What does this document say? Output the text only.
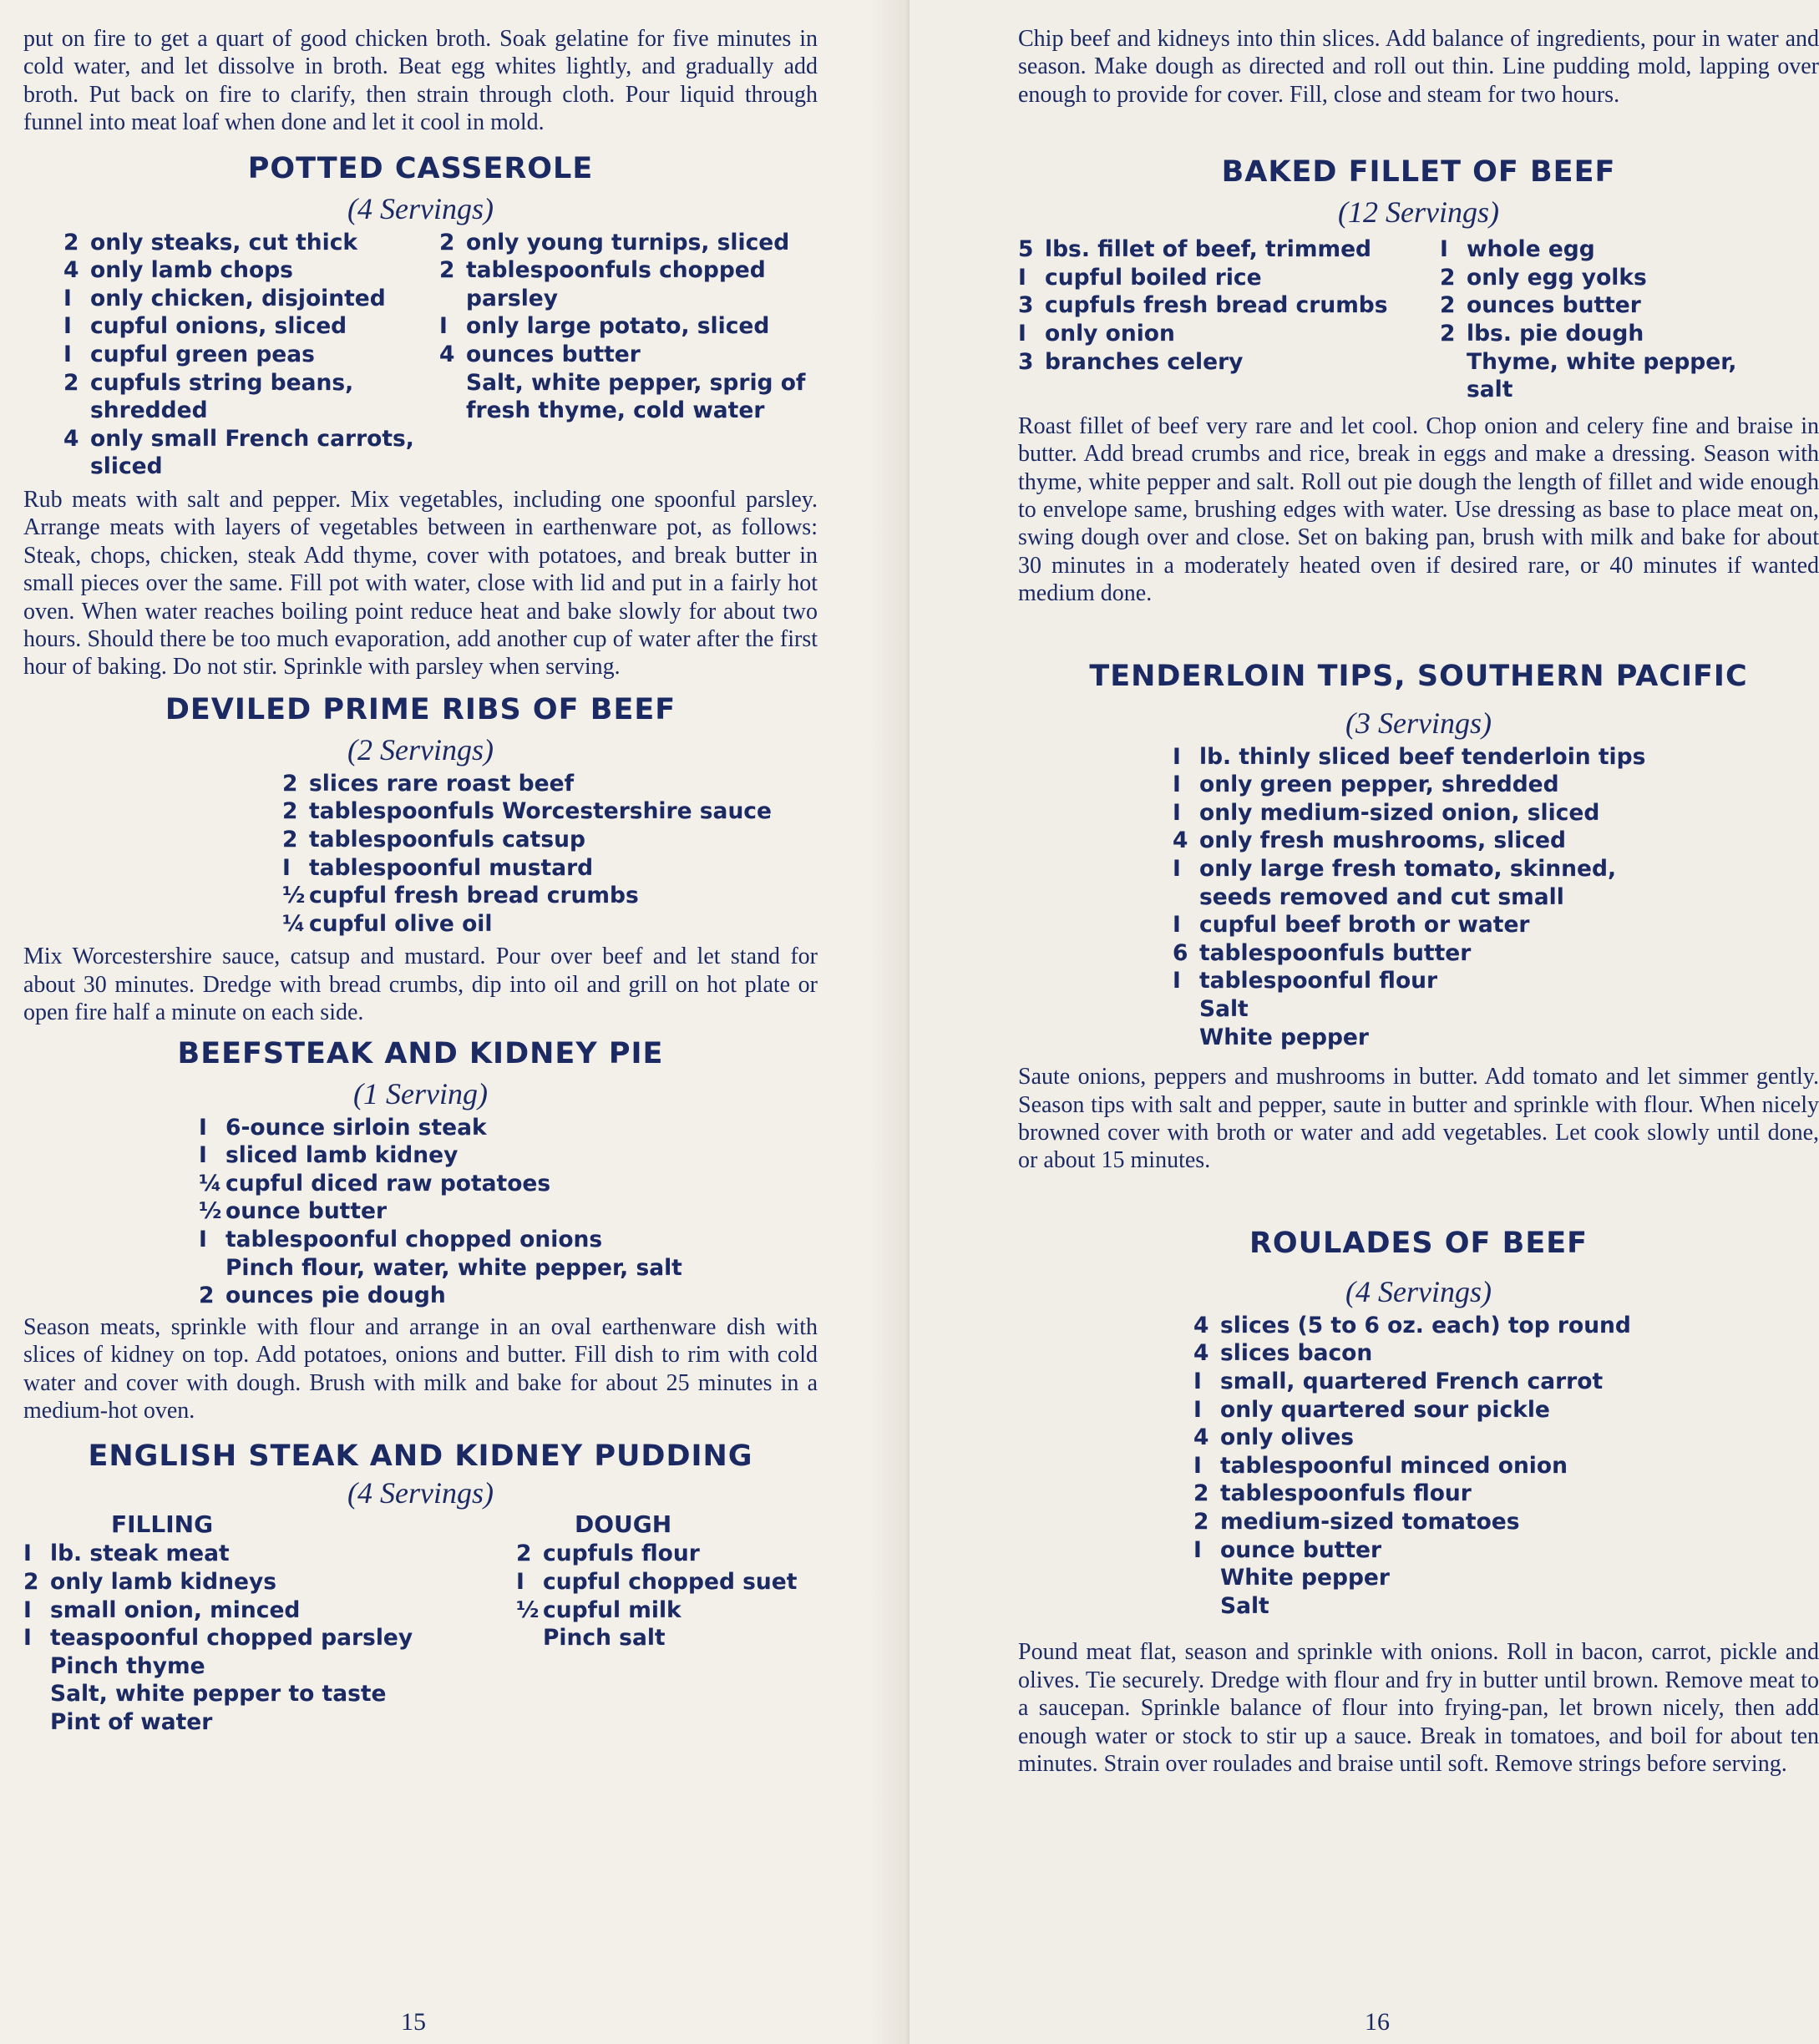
put on fire to get a quart of good chicken broth. Soak gelatine for five minutes in cold water, and let dissolve in broth. Beat egg whites lightly, and gradually add broth. Put back on fire to clarify, then strain through cloth. Pour liquid through funnel into meat loaf when done and let it cool in mold.

POTTED CASSEROLE

(4 Servings)

2 only steaks, cut thick
4 only lamb chops
I only chicken, disjointed
I cupful onions, sliced
I cupful green peas
2 cupfuls string beans, shredded
4 only small French carrots, sliced
2 only young turnips, sliced
2 tablespoonfuls chopped parsley
I only large potato, sliced
4 ounces butter
Salt, white pepper, sprig of fresh thyme, cold water

Rub meats with salt and pepper. Mix vegetables, including one spoonful parsley. Arrange meats with layers of vegetables between in earthenware pot, as follows: Steak, chops, chicken, steak Add thyme, cover with potatoes, and break butter in small pieces over the same. Fill pot with water, close with lid and put in a fairly hot oven. When water reaches boiling point reduce heat and bake slowly for about two hours. Should there be too much evaporation, add another cup of water after the first hour of baking. Do not stir. Sprinkle with parsley when serving.

DEVILED PRIME RIBS OF BEEF

(2 Servings)

2 slices rare roast beef
2 tablespoonfuls Worcestershire sauce
2 tablespoonfuls catsup
I tablespoonful mustard
½ cupful fresh bread crumbs
¼ cupful olive oil

Mix Worcestershire sauce, catsup and mustard. Pour over beef and let stand for about 30 minutes. Dredge with bread crumbs, dip into oil and grill on hot plate or open fire half a minute on each side.

BEEFSTEAK AND KIDNEY PIE

(1 Serving)

I 6-ounce sirloin steak
I sliced lamb kidney
¼ cupful diced raw potatoes
½ ounce butter
I tablespoonful chopped onions
Pinch flour, water, white pepper, salt
2 ounces pie dough

Season meats, sprinkle with flour and arrange in an oval earthenware dish with slices of kidney on top. Add potatoes, onions and butter. Fill dish to rim with cold water and cover with dough. Brush with milk and bake for about 25 minutes in a medium-hot oven.

ENGLISH STEAK AND KIDNEY PUDDING

(4 Servings)

FILLING

I lb. steak meat
2 only lamb kidneys
I small onion, minced
I teaspoonful chopped parsley
Pinch thyme
Salt, white pepper to taste
Pint of water

DOUGH

2 cupfuls flour
I cupful chopped suet
½ cupful milk
Pinch salt
15

Chip beef and kidneys into thin slices. Add balance of ingredients, pour in water and season. Make dough as directed and roll out thin. Line pudding mold, lapping over enough to provide for cover. Fill, close and steam for two hours.

BAKED FILLET OF BEEF

(12 Servings)

5 lbs. fillet of beef, trimmed
I cupful boiled rice
3 cupfuls fresh bread crumbs
I only onion
3 branches celery
I whole egg
2 only egg yolks
2 ounces butter
2 lbs. pie dough
Thyme, white pepper, salt

Roast fillet of beef very rare and let cool. Chop onion and celery fine and braise in butter. Add bread crumbs and rice, break in eggs and make a dressing. Season with thyme, white pepper and salt. Roll out pie dough the length of fillet and wide enough to envelope same, brushing edges with water. Use dressing as base to place meat on, swing dough over and close. Set on baking pan, brush with milk and bake for about 30 minutes in a moderately heated oven if desired rare, or 40 minutes if wanted medium done.

TENDERLOIN TIPS, SOUTHERN PACIFIC

(3 Servings)

I lb. thinly sliced beef tenderloin tips
I only green pepper, shredded
I only medium-sized onion, sliced
4 only fresh mushrooms, sliced
I only large fresh tomato, skinned, seeds removed and cut small
I cupful beef broth or water
6 tablespoonfuls butter
I tablespoonful flour
Salt
White pepper

Saute onions, peppers and mushrooms in butter. Add tomato and let simmer gently. Season tips with salt and pepper, saute in butter and sprinkle with flour. When nicely browned cover with broth or water and add vegetables. Let cook slowly until done, or about 15 minutes.

ROULADES OF BEEF

(4 Servings)

4 slices (5 to 6 oz. each) top round
4 slices bacon
I small, quartered French carrot
I only quartered sour pickle
4 only olives
I tablespoonful minced onion
2 tablespoonfuls flour
2 medium-sized tomatoes
I ounce butter
White pepper
Salt

Pound meat flat, season and sprinkle with onions. Roll in bacon, carrot, pickle and olives. Tie securely. Dredge with flour and fry in butter until brown. Remove meat to a saucepan. Sprinkle balance of flour into frying-pan, let brown nicely, then add enough water or stock to stir up a sauce. Break in tomatoes, and boil for about ten minutes. Strain over roulades and braise until soft. Remove strings before serving.

16
